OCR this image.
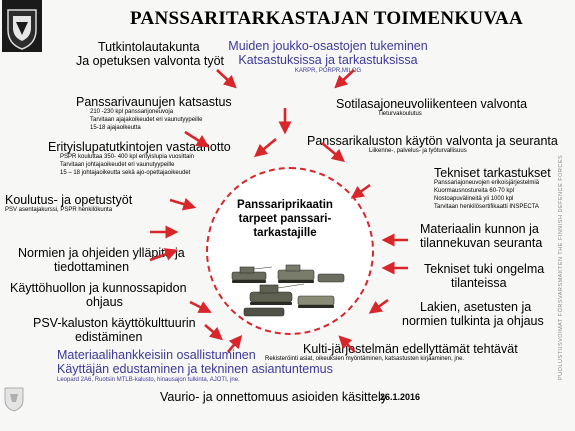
PANSSARITARKASTAJAN TOIMENKUVAA
Tutkintolautakunta
Ja opetuksen valvonta työt
Panssarivaunujen katsastus
210 -230 kpl panssarijoneuvoja
Tarvitaan ajajakoikeudet eri vaunutyypeille
15-18 ajajaoikeutta
Erityislupatutkintojen vastaanotto
PSPR kouluttaa 350- 400 kpl erityislupia vuosittain
Tarvitaan johtajaoikeudet eri vaunutyypeille
15 – 18 johtajaoikeutta sekä ajo-opettajaoikeudet
Koulutus- ja opetustyöt
PSV asentajakurssi, PSPR henkilökunta
Normien ja ohjeiden ylläpito ja
tiedottaminen
Käyttöhuollon ja kunnossapidon
ohjaus
PSV-kaluston käyttökulttuurin
edistäminen
Materiaalihankkeisiin osallistuminen
Käyttäjän edustaminen ja tekninen asiantuntemus
Leopard 2A6, Ruotsin MTLB-kalusto, hinausajon tulkinta, AJOTI, jne.
Vaurio- ja onnettomuus asioiden käsittely
26.1.2016
Muiden joukko-osastojen tukeminen
Katsastuksissa ja tarkastuksissa
KARPR, PORPR,MILOG
Sotilasajoneuvoliikenteen valvonta
Tieturvakoulutus
Panssarikaluston käytön valvonta ja seuranta
Liikenne-, palvelus- ja työturvallisuus
Tekniset tarkastukset
Panssariajoneuvojen erikoisjärjestelmiä
Kuormausnostureita 60-70 kpl
Nostoapuvälineitä yli 1000 kpl
Tarvitaan henkilösertifikaatti INSPECTA
Materiaalin kunnon ja
tilannekuvan seuranta
Tekniset tuki ongelma
tilanteissa
Lakien, asetusten ja
normien tulkinta ja ohjaus
Kulti-järjestelmän edellyttämät tehtävät
Rekisteröinti asiat, oikeuksien myöntäminen, katsastusten kirjaaminen, jne.
Panssariprikaatin
tarpeet panssari-
tarkastajille	PUOLUSTUSVOIMAT FÖRSVARSMAKTEN THE FINNISH DEFENCE FORCES
